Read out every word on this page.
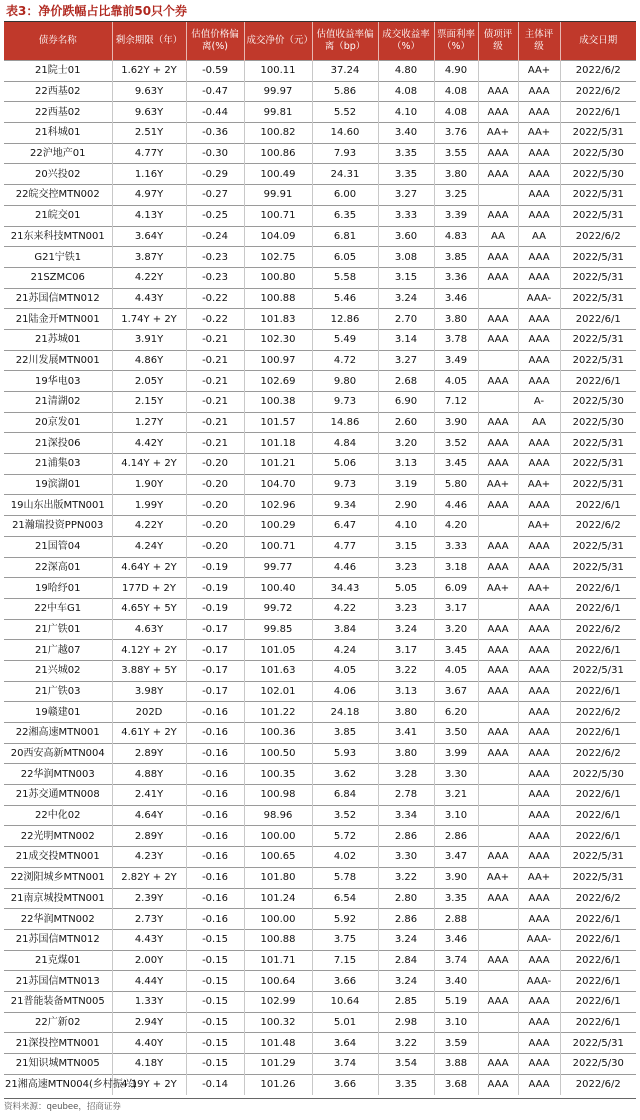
表3：净价跌幅占比靠前50只个券
债券名称	剩余期限（年）	估值价格偏离(%)	成交净价（元）	估值收益率偏离（bp）	成交收益率（%）	票面利率（%）	债项评级	主体评级	成交日期
21院士01	1.62Y + 2Y	-0.59	100.11	37.24	4.80	4.90		AA+	2022/6/2
22西基02	9.63Y	-0.47	99.97	5.86	4.08	4.08	AAA	AAA	2022/6/2
22西基02	9.63Y	-0.44	99.81	5.52	4.10	4.08	AAA	AAA	2022/6/1
21科城01	2.51Y	-0.36	100.82	14.60	3.40	3.76	AA+	AA+	2022/5/31
22沪地产01	4.77Y	-0.30	100.86	7.93	3.35	3.55	AAA	AAA	2022/5/30
20兴投02	1.16Y	-0.29	100.49	24.31	3.35	3.80	AAA	AAA	2022/5/30
22皖交控MTN002	4.97Y	-0.27	99.91	6.00	3.27	3.25		AAA	2022/5/31
21皖交01	4.13Y	-0.25	100.71	6.35	3.33	3.39	AAA	AAA	2022/5/31
21东来科技MTN001	3.64Y	-0.24	104.09	6.81	3.60	4.83	AA	AA	2022/6/2
G21宁铁1	3.87Y	-0.23	102.75	6.05	3.08	3.85	AAA	AAA	2022/5/31
21SZMC06	4.22Y	-0.23	100.80	5.58	3.15	3.36	AAA	AAA	2022/5/31
21苏国信MTN012	4.43Y	-0.22	100.88	5.46	3.24	3.46		AAA-	2022/5/31
21陆金开MTN001	1.74Y + 2Y	-0.22	101.83	12.86	2.70	3.80	AAA	AAA	2022/6/1
21苏城01	3.91Y	-0.21	102.30	5.49	3.14	3.78	AAA	AAA	2022/5/31
22川发展MTN001	4.86Y	-0.21	100.97	4.72	3.27	3.49		AAA	2022/5/31
19华电03	2.05Y	-0.21	102.69	9.80	2.68	4.05	AAA	AAA	2022/6/1
21清湖02	2.15Y	-0.21	100.38	9.73	6.90	7.12		A-	2022/5/30
20京发01	1.27Y	-0.21	101.57	14.86	2.60	3.90	AAA	AA	2022/5/30
21深投06	4.42Y	-0.21	101.18	4.84	3.20	3.52	AAA	AAA	2022/5/31
21浦集03	4.14Y + 2Y	-0.20	101.21	5.06	3.13	3.45	AAA	AAA	2022/5/31
19滨湖01	1.90Y	-0.20	104.70	9.73	3.19	5.80	AA+	AA+	2022/5/31
19山东出版MTN001	1.99Y	-0.20	102.96	9.34	2.90	4.46	AAA	AAA	2022/6/1
21瀚瑞投资PPN003	4.22Y	-0.20	100.29	6.47	4.10	4.20		AA+	2022/6/2
21国管04	4.24Y	-0.20	100.71	4.77	3.15	3.33	AAA	AAA	2022/5/31
22深高01	4.64Y + 2Y	-0.19	99.77	4.46	3.23	3.18	AAA	AAA	2022/5/31
19哈纾01	177D + 2Y	-0.19	100.40	34.43	5.05	6.09	AA+	AA+	2022/6/1
22中车G1	4.65Y + 5Y	-0.19	99.72	4.22	3.23	3.17		AAA	2022/6/1
21广铁01	4.63Y	-0.17	99.85	3.84	3.24	3.20	AAA	AAA	2022/6/2
21广越07	4.12Y + 2Y	-0.17	101.05	4.24	3.17	3.45	AAA	AAA	2022/6/1
21兴城02	3.88Y + 5Y	-0.17	101.63	4.05	3.22	4.05	AAA	AAA	2022/5/31
21广铁03	3.98Y	-0.17	102.01	4.06	3.13	3.67	AAA	AAA	2022/6/1
19赣建01	202D	-0.16	101.22	24.18	3.80	6.20		AAA	2022/6/2
22湘高速MTN001	4.61Y + 2Y	-0.16	100.36	3.85	3.41	3.50	AAA	AAA	2022/6/1
20西安高新MTN004	2.89Y	-0.16	100.50	5.93	3.80	3.99	AAA	AAA	2022/6/2
22华润MTN003	4.88Y	-0.16	100.35	3.62	3.28	3.30		AAA	2022/5/30
21苏交通MTN008	2.41Y	-0.16	100.98	6.84	2.78	3.21		AAA	2022/6/1
22中化02	4.64Y	-0.16	98.96	3.52	3.34	3.10		AAA	2022/6/1
22光明MTN002	2.89Y	-0.16	100.00	5.72	2.86	2.86		AAA	2022/6/1
21成交投MTN001	4.23Y	-0.16	100.65	4.02	3.30	3.47	AAA	AAA	2022/5/31
22浏阳城乡MTN001	2.82Y + 2Y	-0.16	101.80	5.78	3.22	3.90	AA+	AA+	2022/5/31
21南京城投MTN001	2.39Y	-0.16	101.24	6.54	2.80	3.35	AAA	AAA	2022/6/2
22华润MTN002	2.73Y	-0.16	100.00	5.92	2.86	2.88		AAA	2022/6/1
21苏国信MTN012	4.43Y	-0.15	100.88	3.75	3.24	3.46		AAA-	2022/6/1
21克煤01	2.00Y	-0.15	101.71	7.15	2.84	3.74	AAA	AAA	2022/6/1
21苏国信MTN013	4.44Y	-0.15	100.64	3.66	3.24	3.40		AAA-	2022/6/1
21普能装备MTN005	1.33Y	-0.15	102.99	10.64	2.85	5.19	AAA	AAA	2022/6/1
22广新02	2.94Y	-0.15	100.32	5.01	2.98	3.10		AAA	2022/6/1
21深投控MTN001	4.40Y	-0.15	101.48	3.64	3.22	3.59		AAA	2022/5/31
21知识城MTN005	4.18Y	-0.15	101.29	3.74	3.54	3.88	AAA	AAA	2022/5/30
21湘高速MTN004(乡村振兴)	4.19Y + 2Y	-0.14	101.26	3.66	3.35	3.68	AAA	AAA	2022/6/2
资料来源：qeubee，招商证券
